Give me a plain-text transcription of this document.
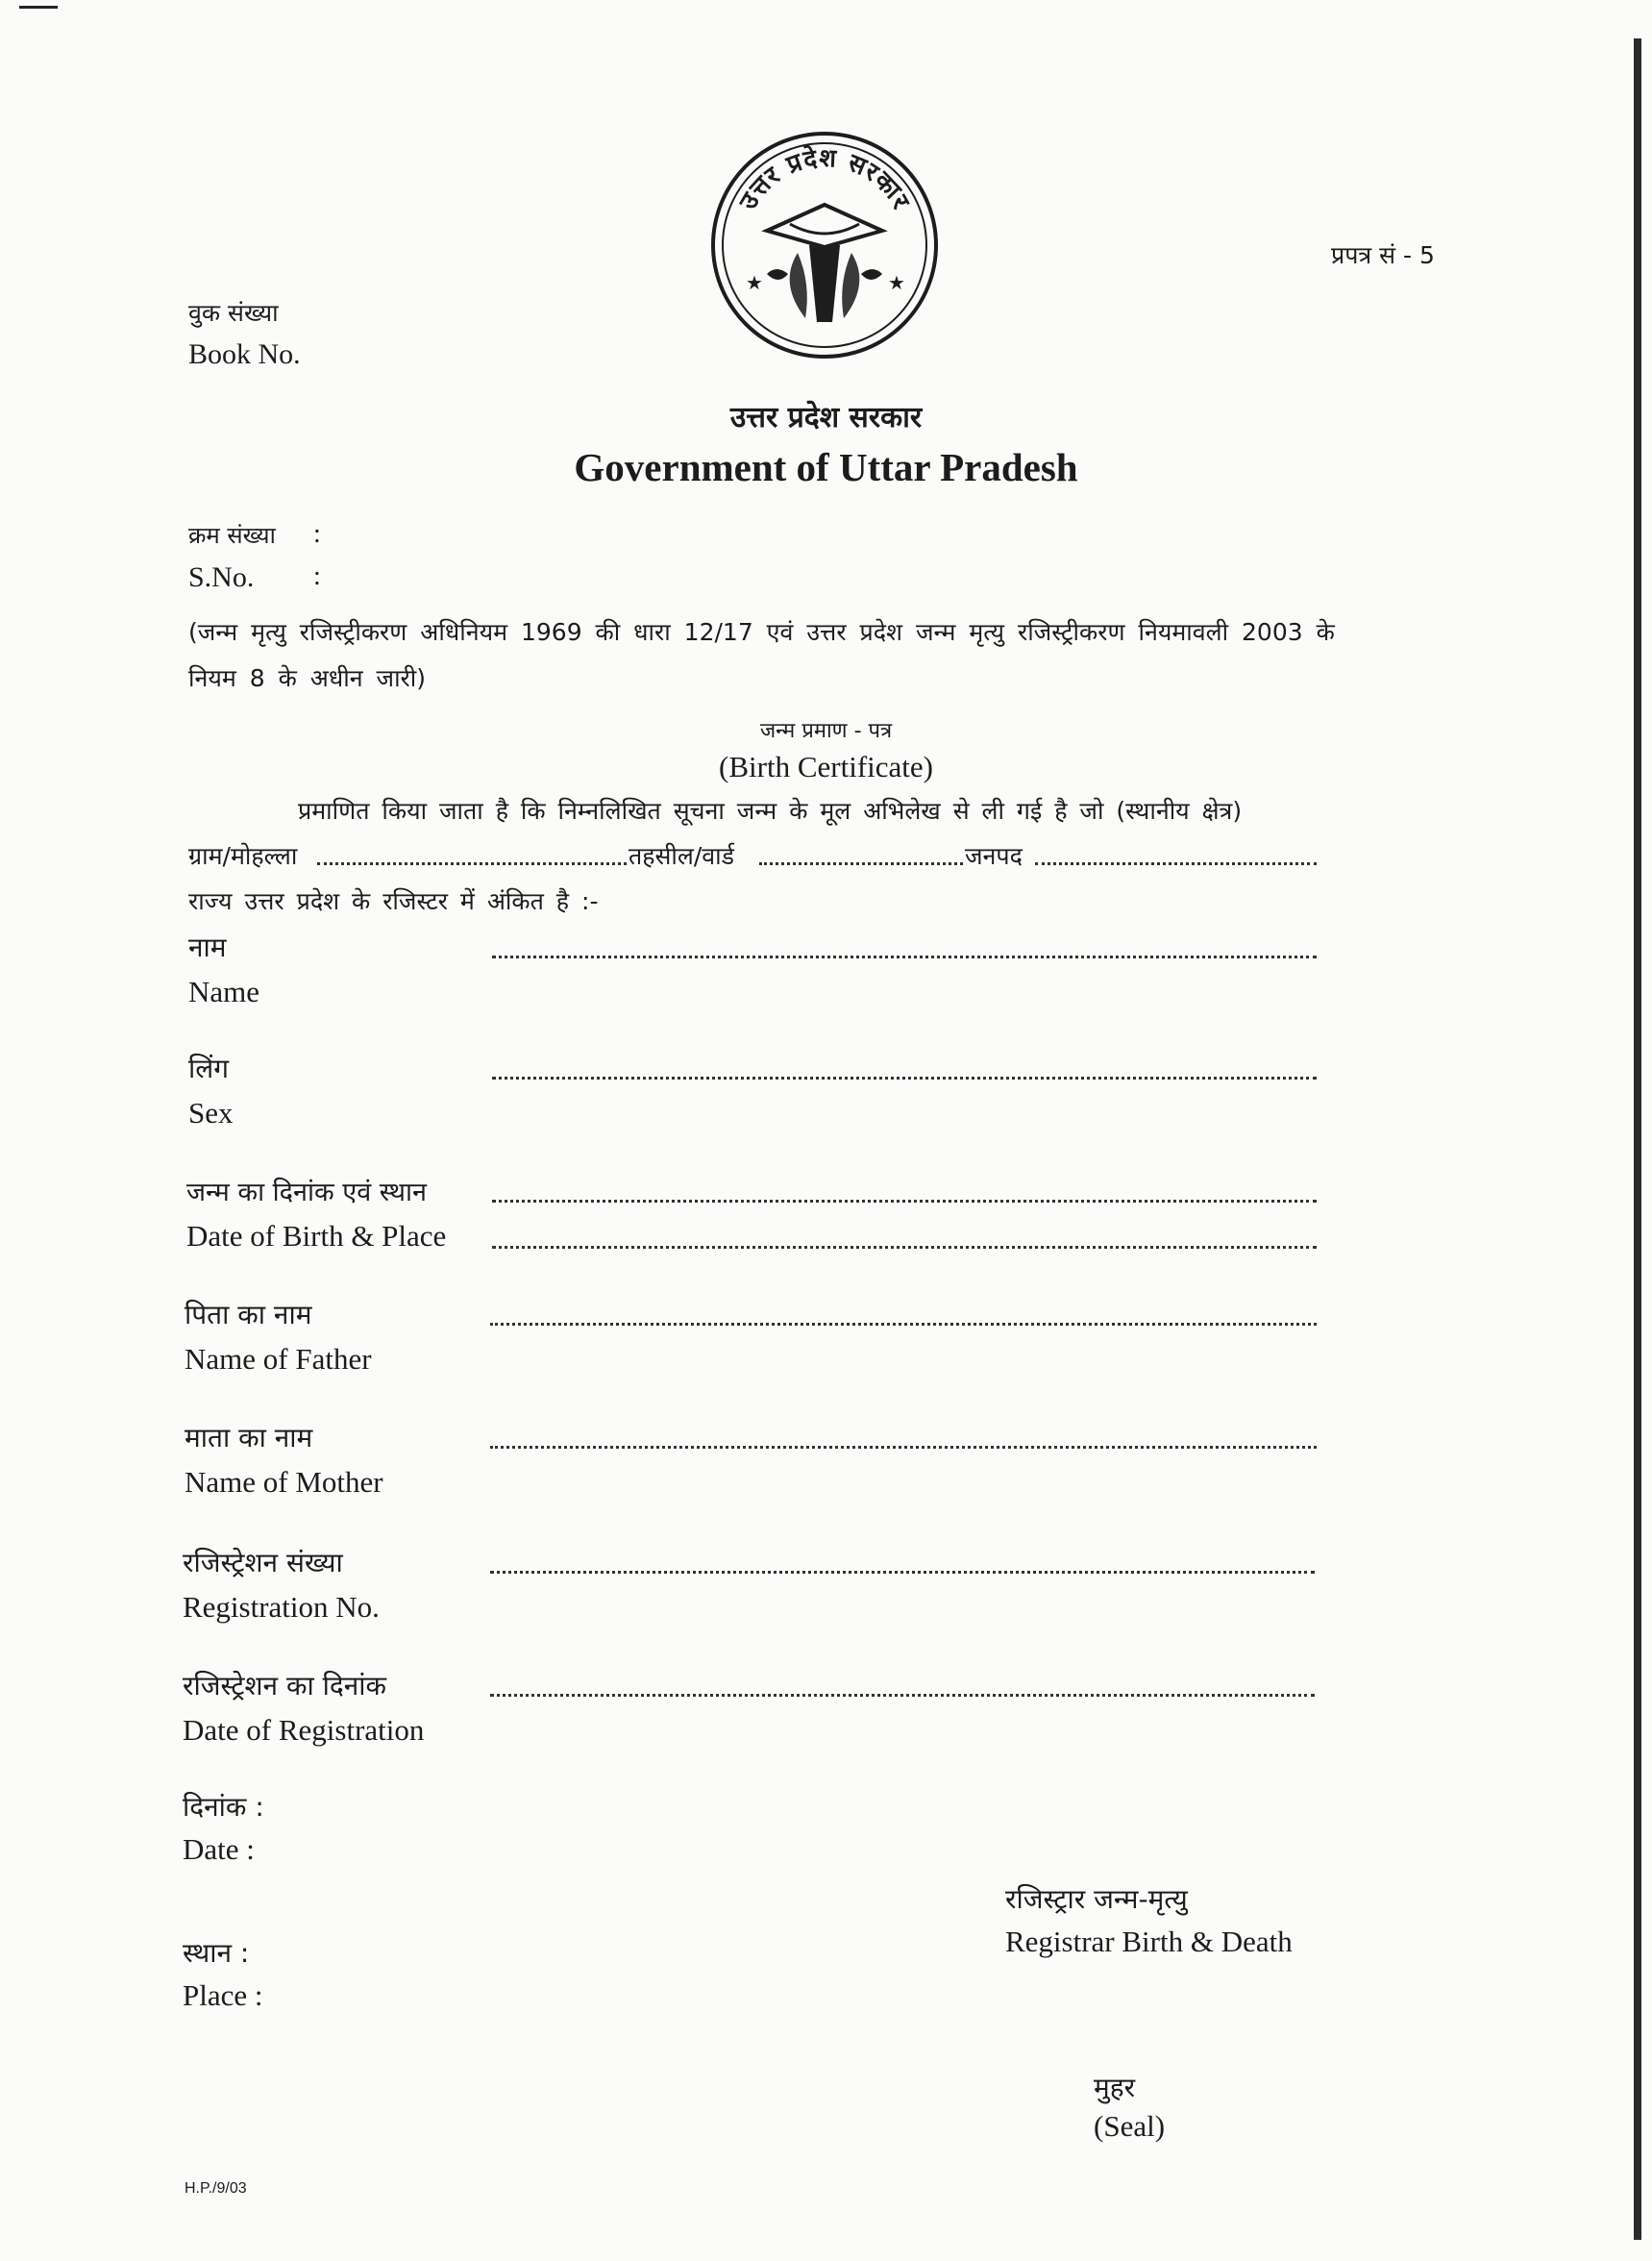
उत्तर प्रदेश सरकार
★	★
प्रपत्र सं - 5
वुक संख्या
Book No.
उत्तर प्रदेश सरकार
Government of Uttar Pradesh
क्रम संख्या :
S.No. :
(जन्म मृत्यु रजिस्ट्रीकरण अधिनियम 1969 की धारा 12/17 एवं उत्तर प्रदेश जन्म मृत्यु रजिस्ट्रीकरण नियमावली 2003 के
नियम 8 के अधीन जारी)
जन्म प्रमाण - पत्र
(Birth Certificate)
प्रमाणित किया जाता है कि निम्नलिखित सूचना जन्म के मूल अभिलेख से ली गई है जो (स्थानीय क्षेत्र)
ग्राम/मोहल्ला	तहसील/वार्ड	जनपद
राज्य उत्तर प्रदेश के रजिस्टर में अंकित है :-
नाम
Name
लिंग
Sex
जन्म का दिनांक एवं स्थान
Date of Birth & Place
पिता का नाम
Name of Father
माता का नाम
Name of Mother
रजिस्ट्रेशन संख्या
Registration No.
रजिस्ट्रेशन का दिनांक
Date of Registration
दिनांक :
Date :
स्थान :
Place :
रजिस्ट्रार जन्म-मृत्यु
Registrar Birth & Death
मुहर
(Seal)
H.P./9/03
